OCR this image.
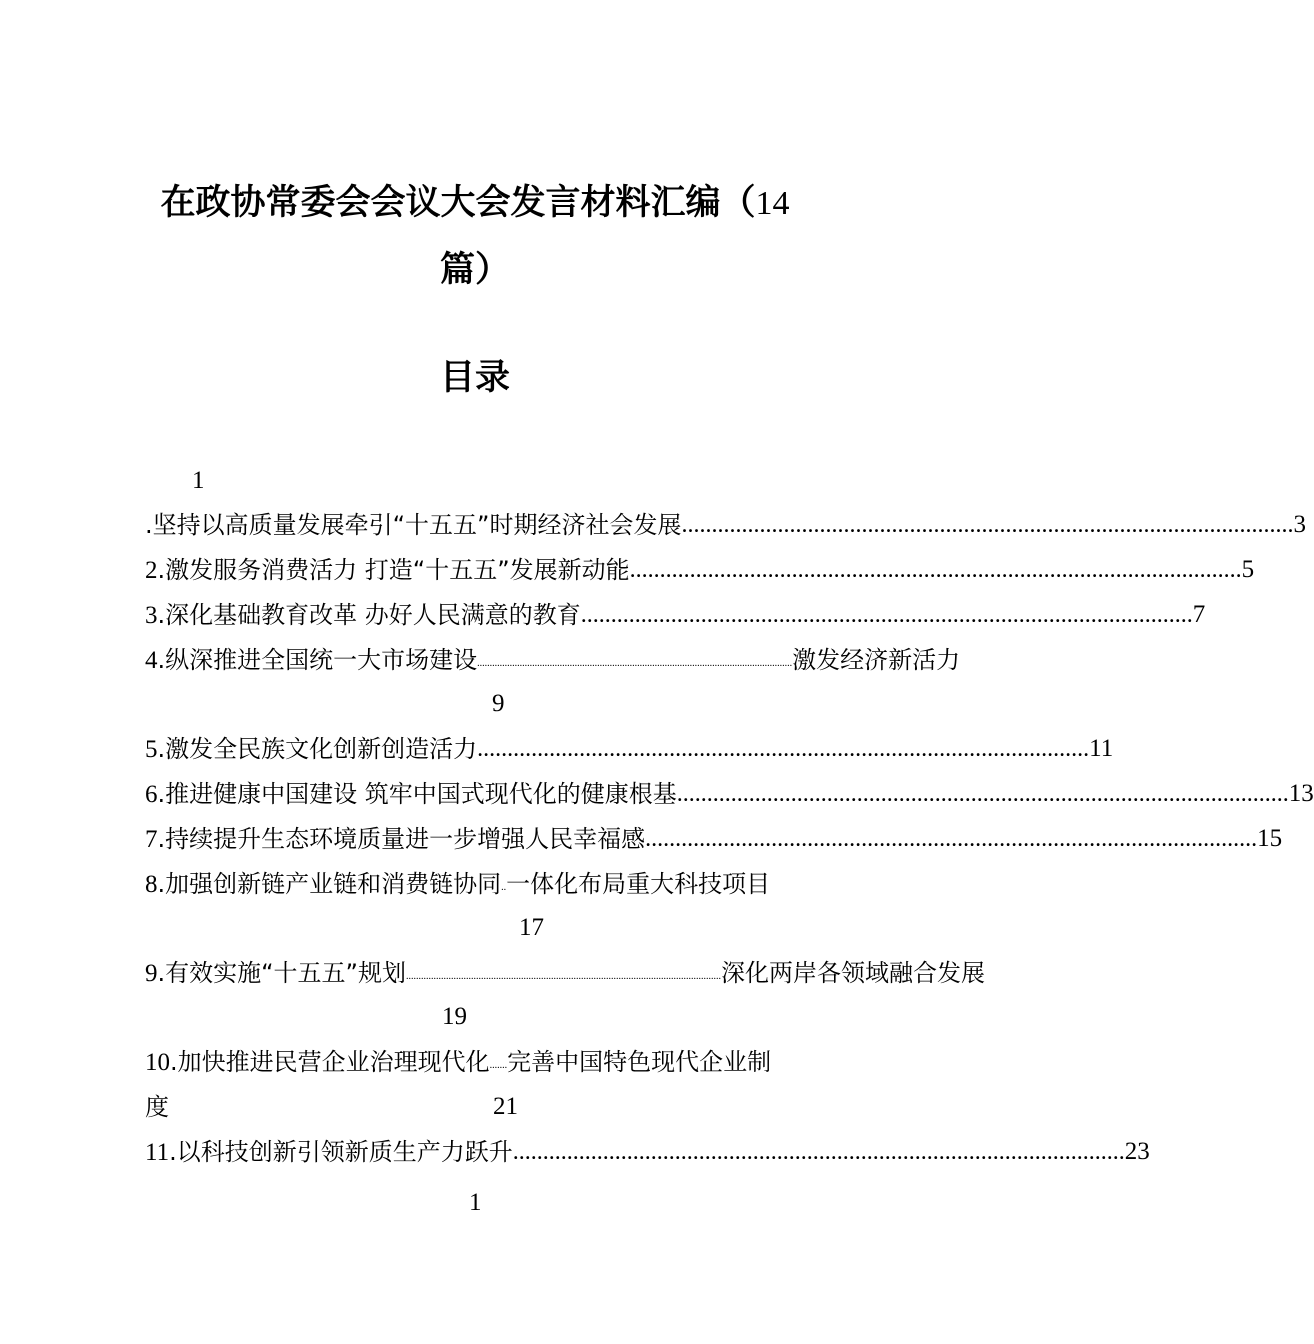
在政协常委会会议大会发言材料汇编（14
篇）
目录
1
.坚持以高质量发展牵引“十五五”时期经济社会发展 ...................................................................................................... 3
2.激发服务消费活力 打造“十五五”发展新动能 ...................................................................................................... 5
3.深化基础教育改革 办好人民满意的教育 ...................................................................................................... 7
4.纵深推进全国统一大市场建设 .............................................................................................................................. 激发经济新活力
9
5.激发全民族文化创新创造活力 ...................................................................................................... 11
6.推进健康中国建设 筑牢中国式现代化的健康根基 ...................................................................................................... 13
7.持续提升生态环境质量进一步增强人民幸福感 ...................................................................................................... 15
8.加强创新链产业链和消费链协同 .. 一体化布局重大科技项目
17
9.有效实施“十五五”规划 .............................................................................................................................. 深化两岸各领域融合发展
19
10.加快推进民营企业治理现代化 ....... 完善中国特色现代企业制
度	21
11.以科技创新引领新质生产力跃升 ...................................................................................................... 23
1
